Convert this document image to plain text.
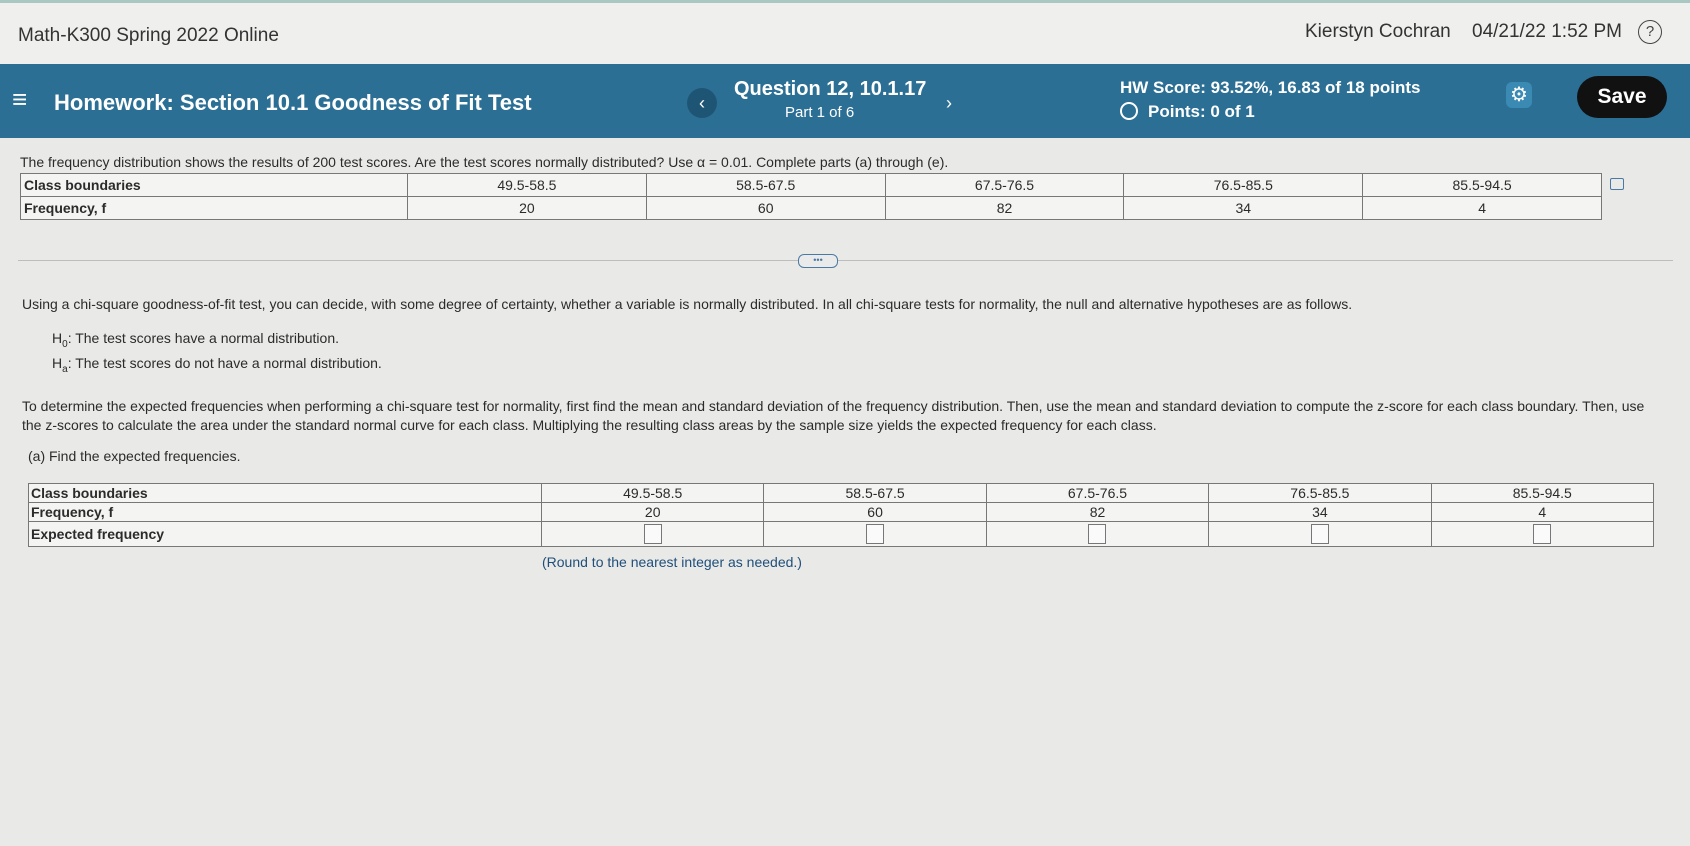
Math-K300 Spring 2022 Online	Kierstyn Cochran 04/21/22 1:52 PM	?
≡ Homework: Section 10.1 Goodness of Fit Test	‹
Question 12, 10.1.17
Part 1 of 6	›
HW Score: 93.52%, 16.83 of 18 points
Points: 0 of 1
⚙	Save
The frequency distribution shows the results of 200 test scores. Are the test scores normally distributed? Use α = 0.01. Complete parts (a) through (e).
Class boundaries	49.5-58.5	58.5-67.5	67.5-76.5	76.5-85.5	85.5-94.5
Frequency, f	20	60	82	34	4
•••
Using a chi-square goodness-of-fit test, you can decide, with some degree of certainty, whether a variable is normally distributed. In all chi-square tests for normality, the null and alternative hypotheses are as follows.
$H_0$: The test scores have a normal distribution.
$H_a$: The test scores do not have a normal distribution.
To determine the expected frequencies when performing a chi-square test for normality, first find the mean and standard deviation of the frequency distribution. Then, use the mean and standard deviation to compute the z-score for each class boundary. Then, use the z-scores to calculate the area under the standard normal curve for each class. Multiplying the resulting class areas by the sample size yields the expected frequency for each class.
(a) Find the expected frequencies.
Class boundaries	49.5-58.5	58.5-67.5	67.5-76.5	76.5-85.5	85.5-94.5
Frequency, f	20	60	82	34	4
Expected frequency					
(Round to the nearest integer as needed.)
